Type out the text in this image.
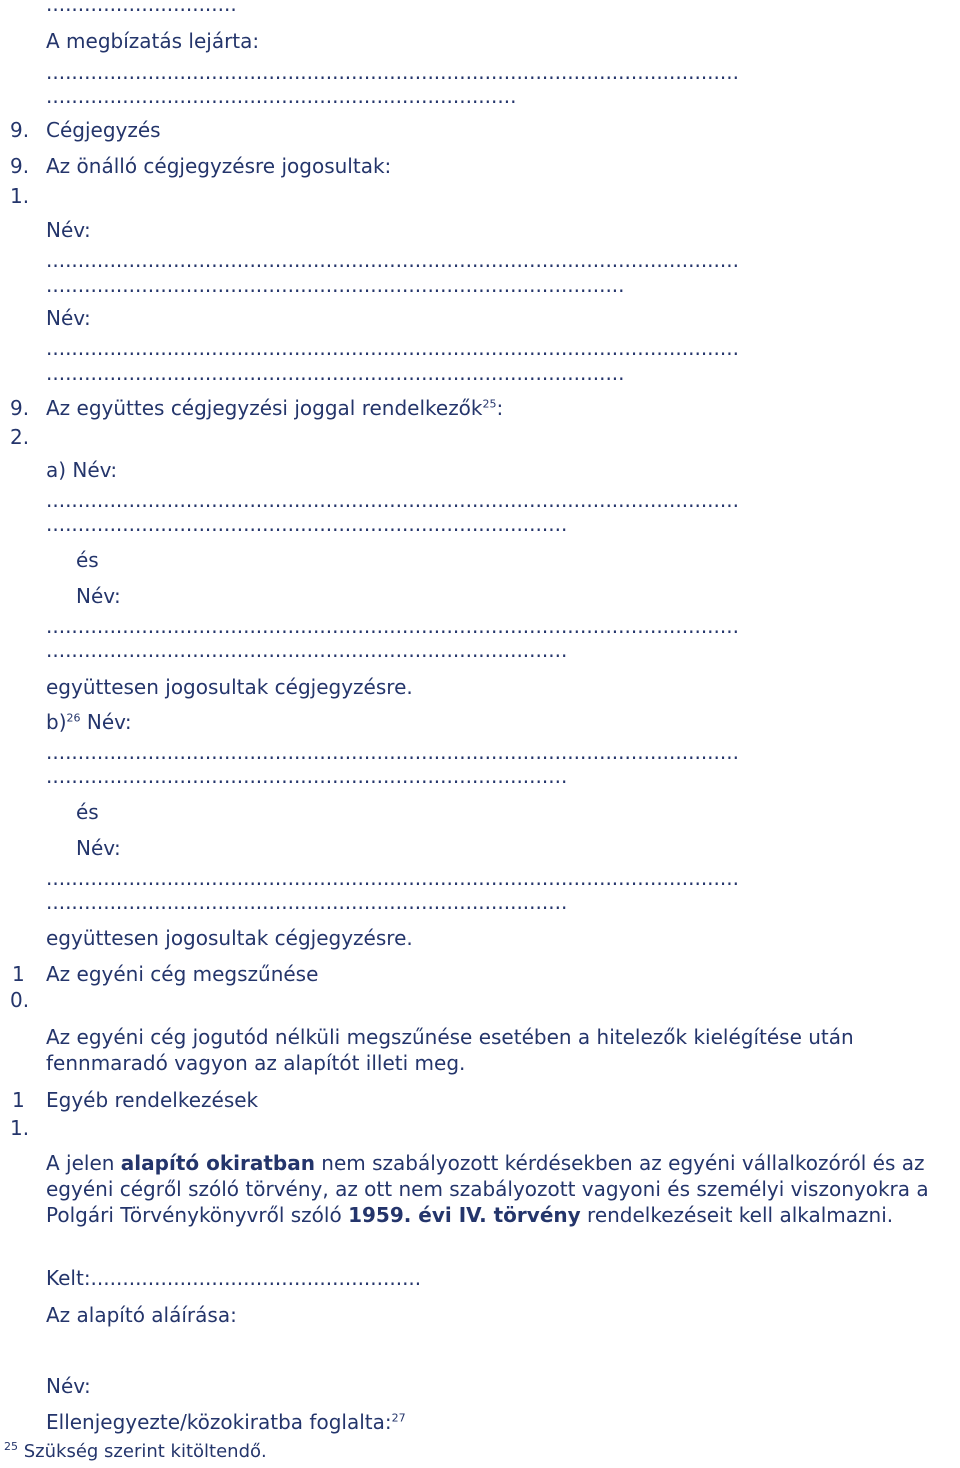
..............................
A megbízatás lejárta:
.............................................................................................................
..........................................................................
9. Cégjegyzés
9.
1.
Az önálló cégjegyzésre jogosultak:
Név:
.............................................................................................................
...........................................................................................
Név:
.............................................................................................................
...........................................................................................
9.
2.
Az együttes cégjegyzési joggal rendelkezők$^{25}$:
a) Név:
.............................................................................................................
..................................................................................
és
Név:
.............................................................................................................
..................................................................................
együttesen jogosultak cégjegyzésre.
b)$^{26}$ Név:
.............................................................................................................
..................................................................................
és
Név:
.............................................................................................................
..................................................................................
együttesen jogosultak cégjegyzésre.
1
0.
Az egyéni cég megszűnése
Az egyéni cég jogutód nélküli megszűnése esetében a hitelezők kielégítése után fennmaradó vagyon az alapítót illeti meg.
1
1.
Egyéb rendelkezések
A jelen alapító okiratban nem szabályozott kérdésekben az egyéni vállalkozóról és az egyéni cégről szóló törvény, az ott nem szabályozott vagyoni és személyi viszonyokra a Polgári Törvénykönyvről szóló 1959. évi IV. törvény rendelkezéseit kell alkalmazni.
Kelt:....................................................
Az alapító aláírása:
Név:
Ellenjegyezte/közokiratba foglalta:$^{27}$
$^{25}$ Szükség szerint kitöltendő.
